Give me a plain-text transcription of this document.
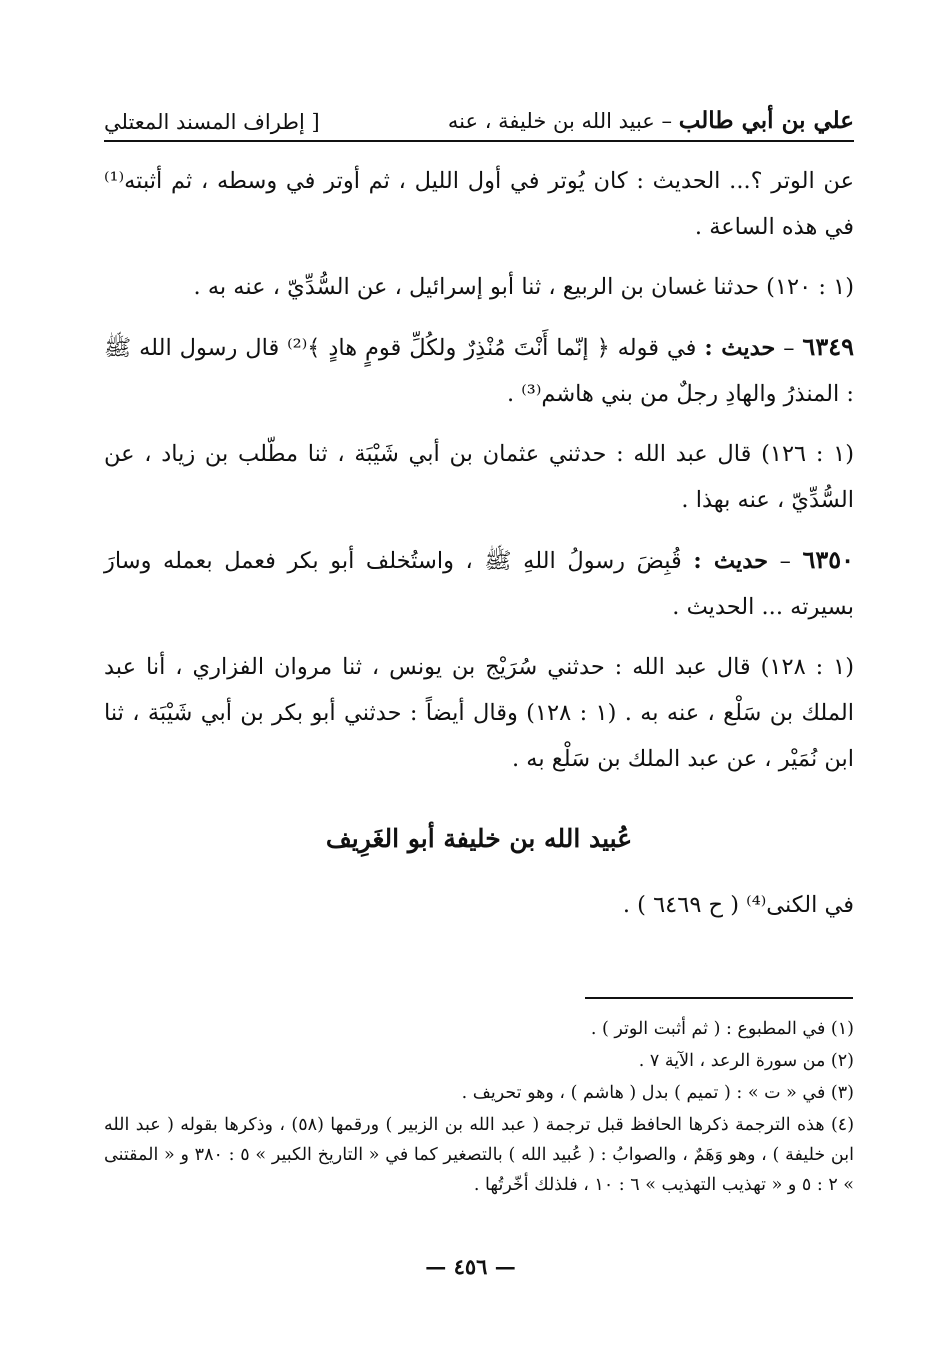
علي بن أبي طالب – عبيد الله بن خليفة ، عنه
[ إطراف المسند المعتلي

عن الوتر ؟... الحديث : كان يُوتر في أول الليل ، ثم أوتر في وسطه ، ثم أثبته⁽¹⁾ في هذه الساعة .

(١ : ١٢٠) حدثنا غسان بن الربيع ، ثنا أبو إسرائيل ، عن السُّدِّيّ ، عنه به .

٦٣٤٩ – حديث : في قوله ﴿ إنّما أَنْتَ مُنْذِرٌ ولكُلِّ قومٍ هادٍ ﴾⁽²⁾ قال رسول الله ﷺ : المنذرُ والهادِ رجلٌ من بني هاشم⁽³⁾ .

(١ : ١٢٦) قال عبد الله : حدثني عثمان بن أبي شَيْبَة ، ثنا مطّلب بن زياد ، عن السُّدِّيّ ، عنه بهذا .

٦٣٥٠ – حديث : قُبِضَ رسولُ اللهِ ﷺ ، واستُخلف أبو بكر فعمل بعمله وسارَ بسيرته ... الحديث .

(١ : ١٢٨) قال عبد الله : حدثني سُرَيْج بن يونس ، ثنا مروان الفزاري ، أنا عبد الملك بن سَلْع ، عنه به . (١ : ١٢٨) وقال أيضاً : حدثني أبو بكر بن أبي شَيْبَة ، ثنا ابن نُمَيْر ، عن عبد الملك بن سَلْع به .

عُبيد الله بن خليفة أبو الغَرِيف

في الكنى⁽⁴⁾ ( ح ٦٤٦٩ ) .

(١) في المطبوع : ( ثم أثبت الوتر ) .

(٢) من سورة الرعد ، الآية ٧ .

(٣) في « ت » : ( تميم ) بدل ( هاشم ) ، وهو تحريف .

(٤) هذه الترجمة ذكرها الحافظ قبل ترجمة ( عبد الله بن الزبير ) ورقمها (٥٨) ، وذكرها بقوله ( عبد الله ابن خليفة ) ، وهو وَهَمٌ ، والصوابُ : ( عُبيد الله ) بالتصغير كما في « التاريخ الكبير » ٥ : ٣٨٠ و « المقتنى » ٢ : ٥ و « تهذيب التهذيب » ٦ : ١٠ ، فلذلك أخّرتُها .

— ٤٥٦ —
